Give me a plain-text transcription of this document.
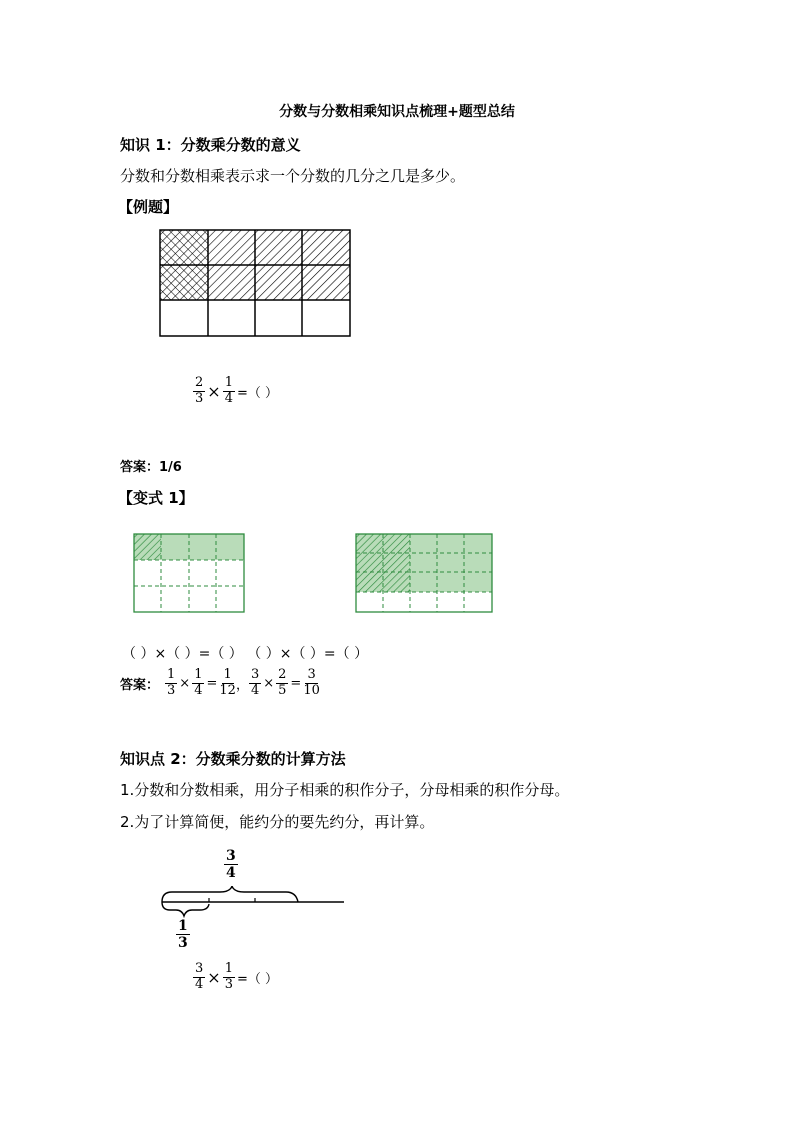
分数与分数相乘知识点梳理+题型总结
知识 1：分数乘分数的意义
分数和分数相乘表示求一个分数的几分之几是多少。
【例题】
$\frac{2}{3} \times \frac{1}{4}$ =（ ）
答案：1/6
【变式 1】
（ ）×（ ）=（ ） （ ）×（ ）=（ ）
答案： $\frac{1}{3} \times \frac{1}{4} = \frac{1}{12}$ ， $\frac{3}{4} \times \frac{2}{5} = \frac{3}{10}$
知识点 2：分数乘分数的计算方法
1.分数和分数相乘，用分子相乘的积作分子，分母相乘的积作分母。
2.为了计算简便，能约分的要先约分，再计算。
$\frac{3}{4}$
$\frac{1}{3}$
$\frac{3}{4} \times \frac{1}{3}$ =（ ）
